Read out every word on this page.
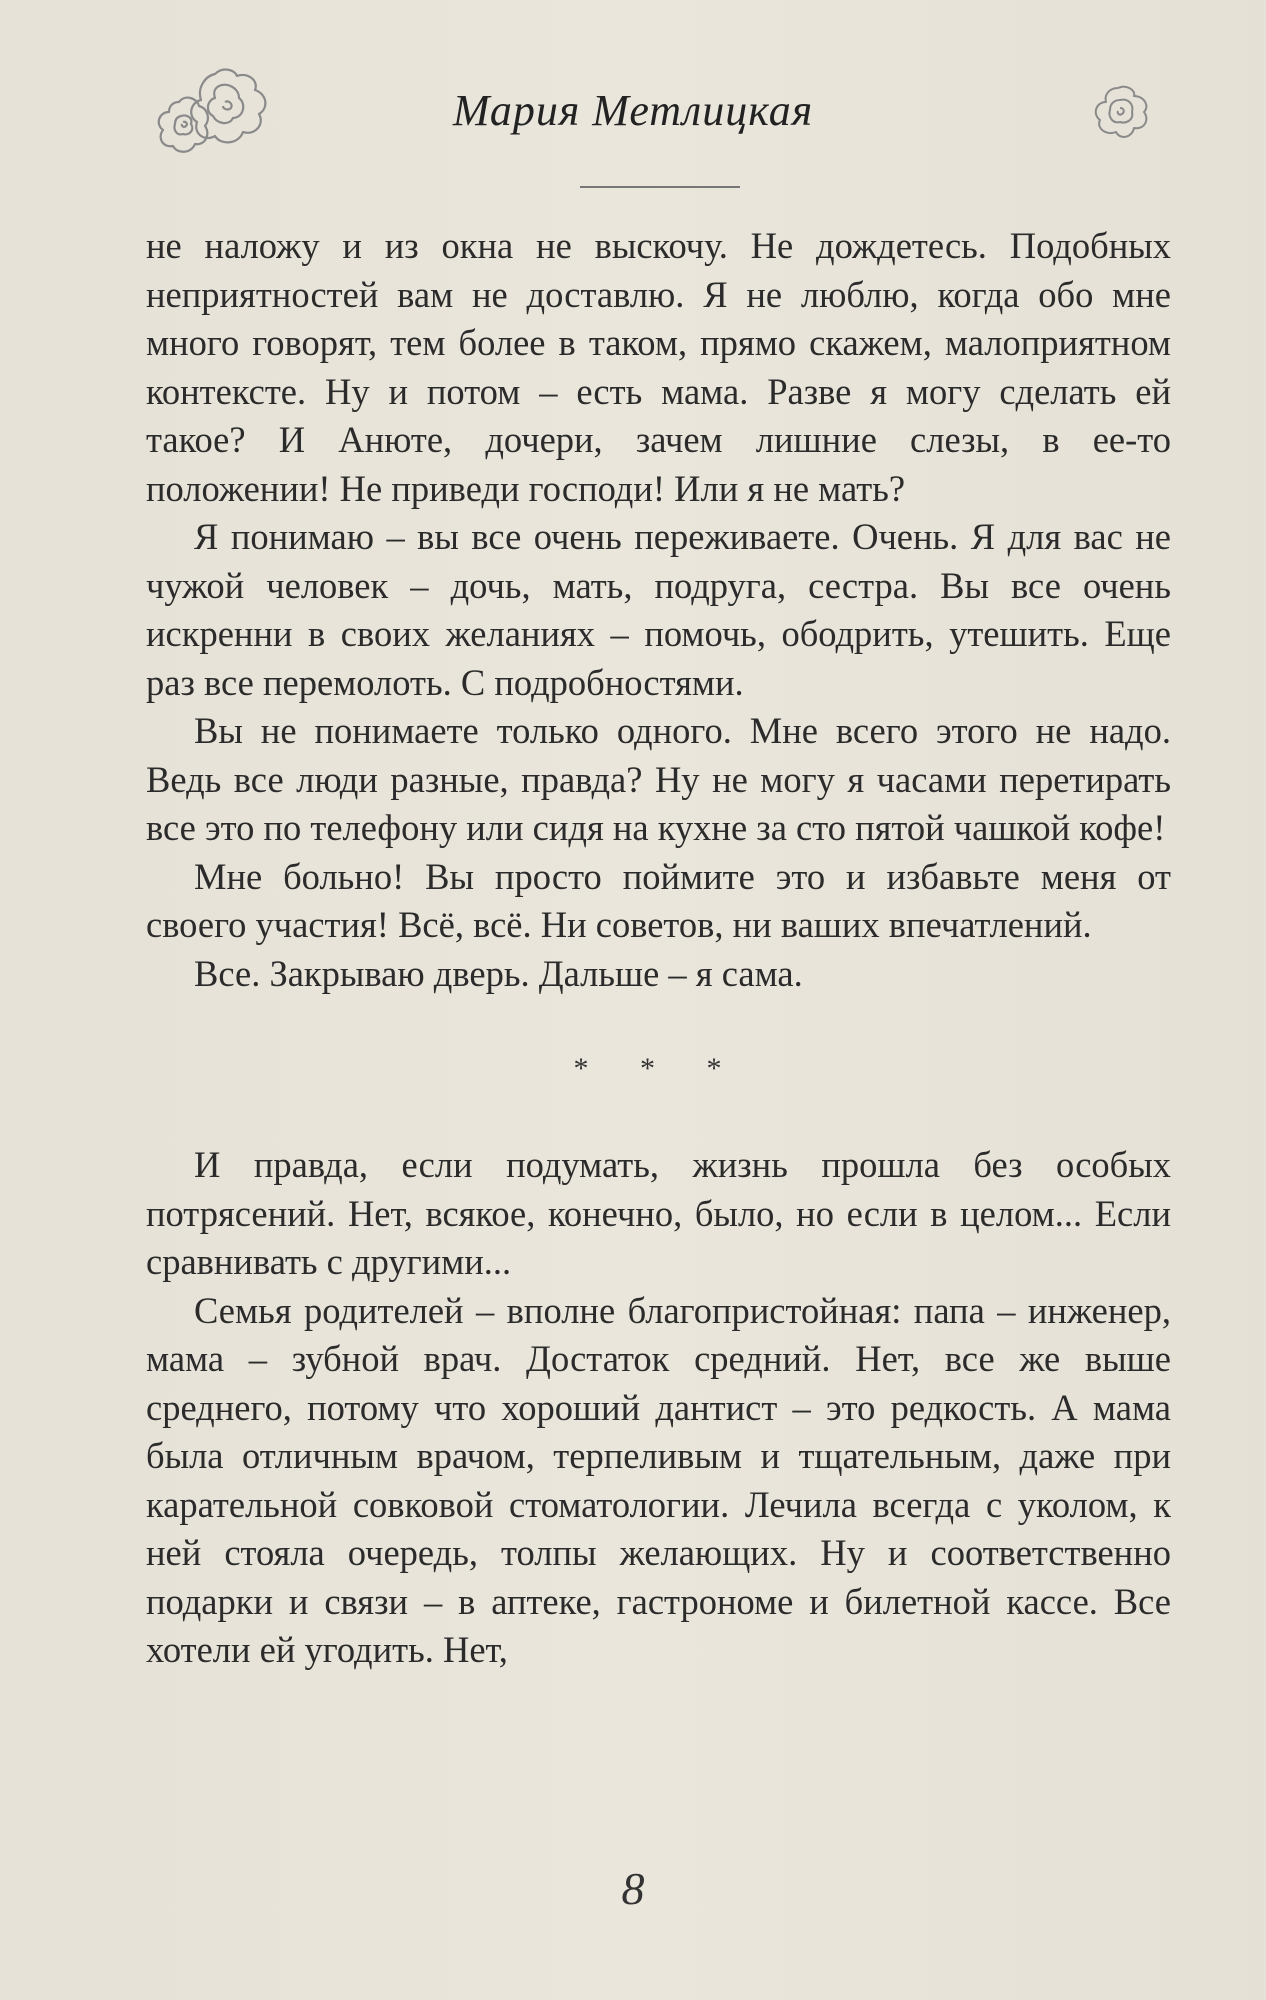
Мария Метлицкая

не наложу и из окна не выскочу. Не дождетесь. Подобных неприятностей вам не доставлю. Я не люблю, когда обо мне много говорят, тем более в таком, прямо скажем, малоприятном контексте. Ну и потом – есть мама. Разве я могу сделать ей такое? И Анюте, дочери, зачем лишние слезы, в ее-то положении! Не приведи господи! Или я не мать?

Я понимаю – вы все очень переживаете. Очень. Я для вас не чужой человек – дочь, мать, подруга, сестра. Вы все очень искренни в своих желаниях – помочь, ободрить, утешить. Еще раз все перемолоть. С подробностями.

Вы не понимаете только одного. Мне всего этого не надо. Ведь все люди разные, правда? Ну не могу я часами перетирать все это по телефону или сидя на кухне за сто пятой чашкой кофе!

Мне больно! Вы просто поймите это и избавьте меня от своего участия! Всё, всё. Ни советов, ни ваших впечатлений.

Все. Закрываю дверь. Дальше – я сама.

* * *

И правда, если подумать, жизнь прошла без особых потрясений. Нет, всякое, конечно, было, но если в целом... Если сравнивать с другими...

Семья родителей – вполне благопристойная: папа – инженер, мама – зубной врач. Достаток средний. Нет, все же выше среднего, потому что хороший дантист – это редкость. А мама была отличным врачом, терпеливым и тщательным, даже при карательной совковой стоматологии. Лечила всегда с уколом, к ней стояла очередь, толпы желающих. Ну и соответственно подарки и связи – в аптеке, гастрономе и билетной кассе. Все хотели ей угодить. Нет,

8
